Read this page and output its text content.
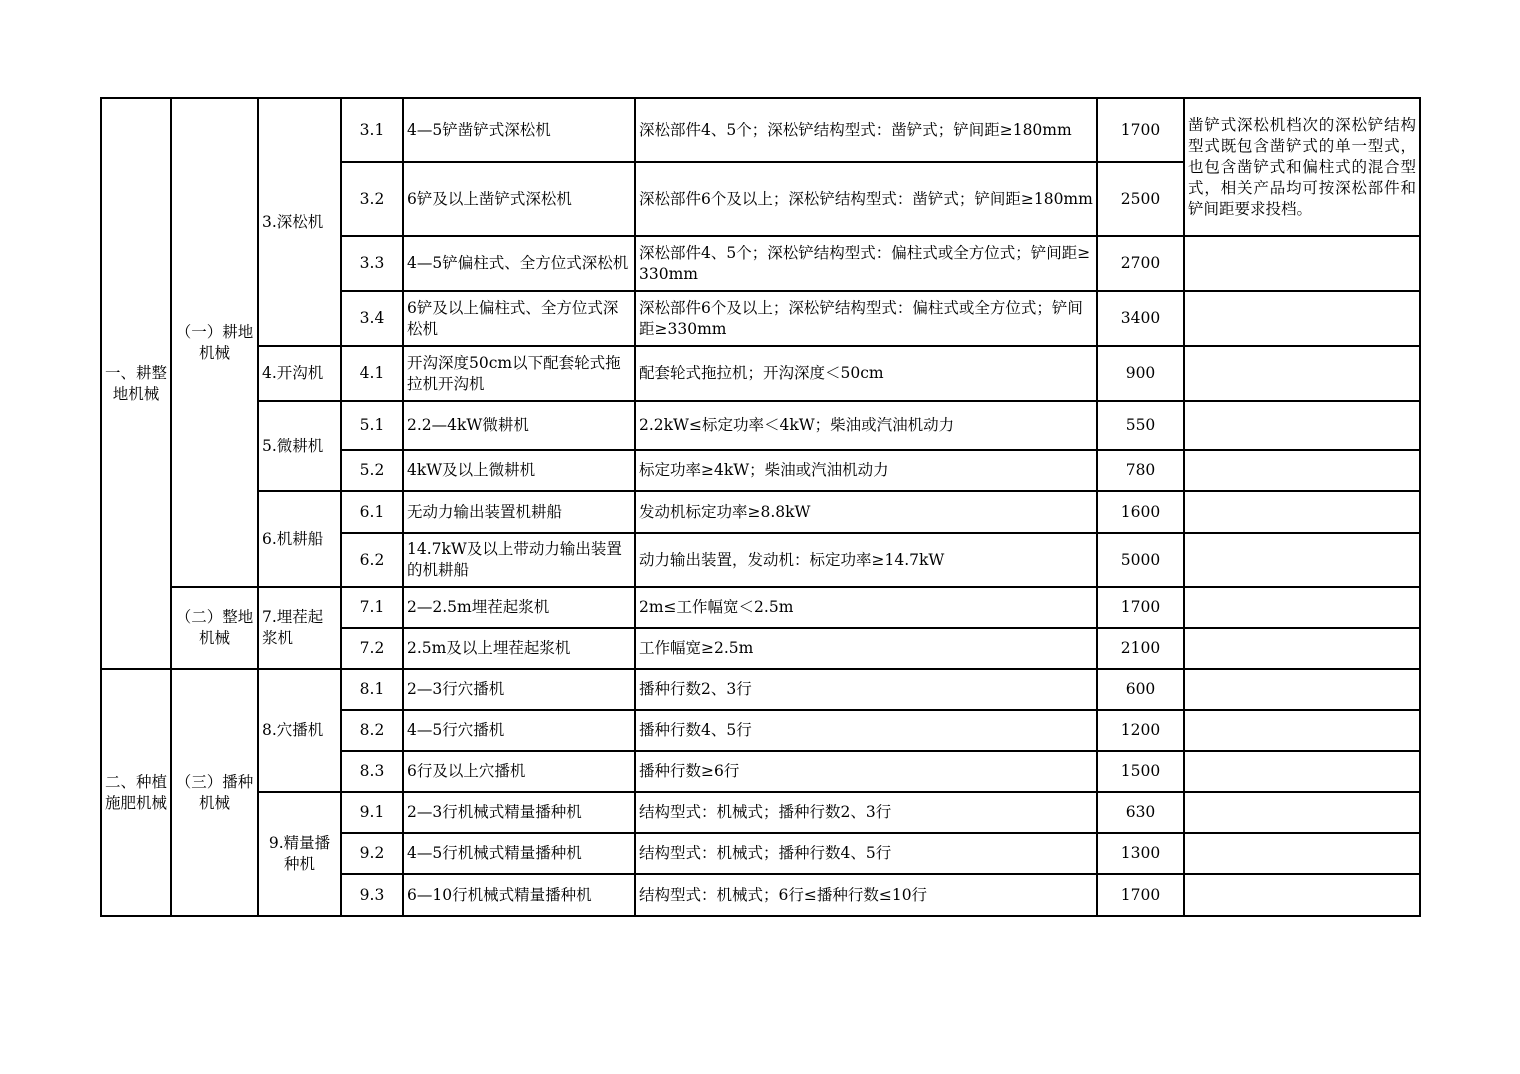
一、耕整地机械	（一）耕地机械	3.深松机	3.1	4—5铲凿铲式深松机	深松部件4、5个；深松铲结构型式：凿铲式；铲间距≥180mm	1700	凿铲式深松机档次的深松铲结构型式既包含凿铲式的单一型式，也包含凿铲式和偏柱式的混合型式，相关产品均可按深松部件和铲间距要求投档。
			3.2	6铲及以上凿铲式深松机	深松部件6个及以上；深松铲结构型式：凿铲式；铲间距≥180mm	2500	
			3.3	4—5铲偏柱式、全方位式深松机	深松部件4、5个；深松铲结构型式：偏柱式或全方位式；铲间距≥330mm	2700	
			3.4	6铲及以上偏柱式、全方位式深松机	深松部件6个及以上；深松铲结构型式：偏柱式或全方位式；铲间距≥330mm	3400	
		4.开沟机	4.1	开沟深度50cm以下配套轮式拖拉机开沟机	配套轮式拖拉机；开沟深度＜50cm	900	
		5.微耕机	5.1	2.2—4kW微耕机	2.2kW≤标定功率＜4kW；柴油或汽油机动力	550	
			5.2	4kW及以上微耕机	标定功率≥4kW；柴油或汽油机动力	780	
		6.机耕船	6.1	无动力输出装置机耕船	发动机标定功率≥8.8kW	1600	
			6.2	14.7kW及以上带动力输出装置的机耕船	动力输出装置，发动机：标定功率≥14.7kW	5000	
	（二）整地机械	7.埋茬起浆机	7.1	2—2.5m埋茬起浆机	2m≤工作幅宽＜2.5m	1700	
			7.2	2.5m及以上埋茬起浆机	工作幅宽≥2.5m	2100	
二、种植施肥机械	（三）播种机械	8.穴播机	8.1	2—3行穴播机	播种行数2、3行	600	
			8.2	4—5行穴播机	播种行数4、5行	1200	
			8.3	6行及以上穴播机	播种行数≥6行	1500	
		9.精量播种机	9.1	2—3行机械式精量播种机	结构型式：机械式；播种行数2、3行	630	
			9.2	4—5行机械式精量播种机	结构型式：机械式；播种行数4、5行	1300	
			9.3	6—10行机械式精量播种机	结构型式：机械式；6行≤播种行数≤10行	1700	
